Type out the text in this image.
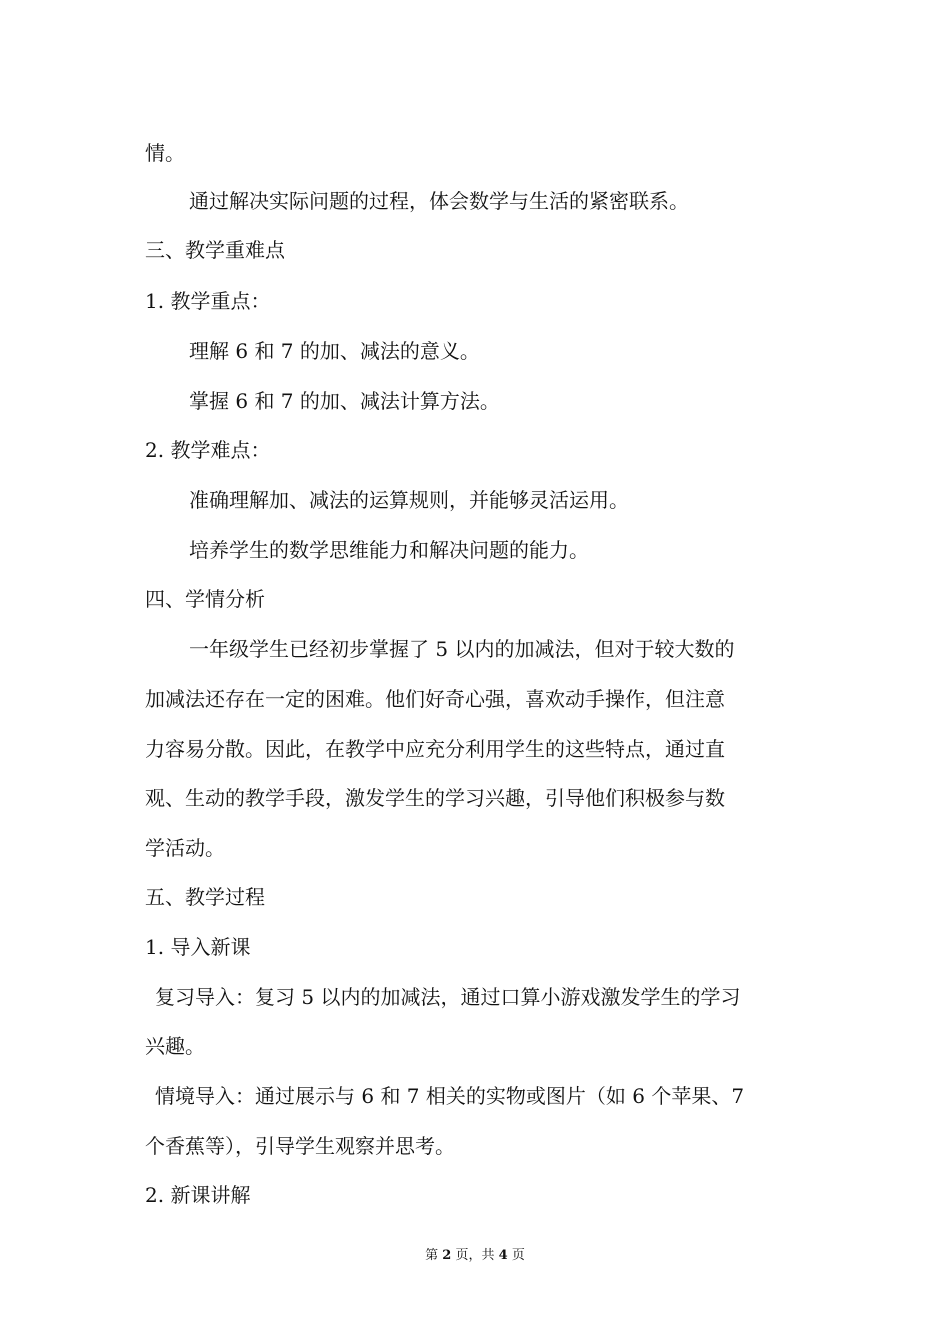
情。
通过解决实际问题的过程，体会数学与生活的紧密联系。
三、教学重难点
1. 教学重点：
理解 6 和 7 的加、减法的意义。
掌握 6 和 7 的加、减法计算方法。
2. 教学难点：
准确理解加、减法的运算规则，并能够灵活运用。
培养学生的数学思维能力和解决问题的能力。
四、学情分析
一年级学生已经初步掌握了 5 以内的加减法，但对于较大数的
加减法还存在一定的困难。他们好奇心强，喜欢动手操作，但注意
力容易分散。因此，在教学中应充分利用学生的这些特点，通过直
观、生动的教学手段，激发学生的学习兴趣，引导他们积极参与数
学活动。
五、教学过程
1. 导入新课
复习导入：复习 5 以内的加减法，通过口算小游戏激发学生的学习
兴趣。
情境导入：通过展示与 6 和 7 相关的实物或图片（如 6 个苹果、7
个香蕉等），引导学生观察并思考。
2. 新课讲解
第 2 页，共 4 页
